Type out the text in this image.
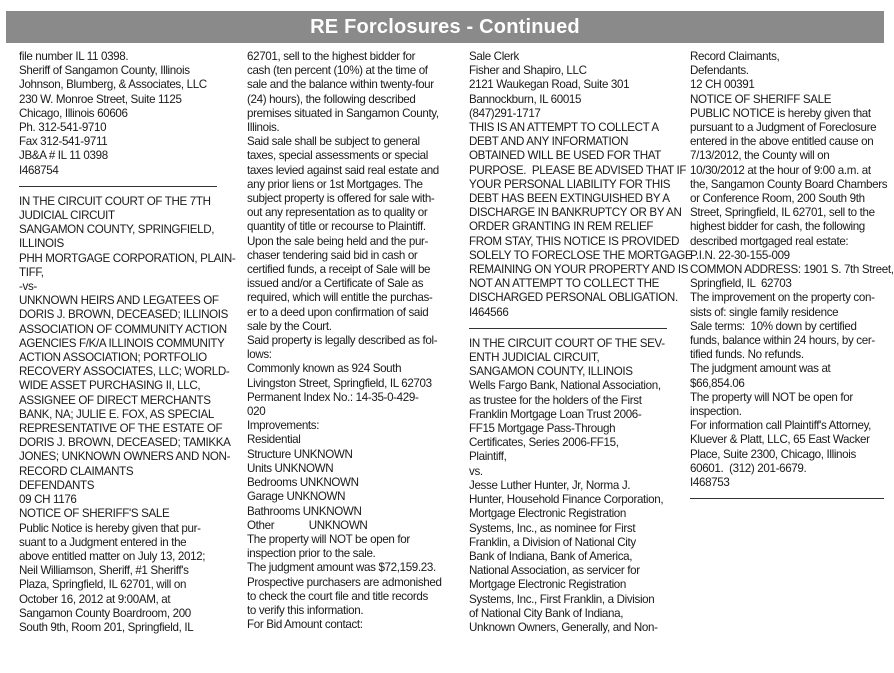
RE Forclosures - Continued

file number IL 11 0398.

Sheriff of Sangamon County, Illinois

Johnson, Blumberg, & Associates, LLC

230 W. Monroe Street, Suite 1125

Chicago, Illinois 60606

Ph. 312-541-9710

Fax 312-541-9711

JB&A # IL 11 0398

I468754

IN THE CIRCUIT COURT OF THE 7TH

JUDICIAL CIRCUIT

SANGAMON COUNTY, SPRINGFIELD,

ILLINOIS

PHH MORTGAGE CORPORATION, PLAIN-

TIFF,

-vs-

UNKNOWN HEIRS AND LEGATEES OF

DORIS J. BROWN, DECEASED; ILLINOIS

ASSOCIATION OF COMMUNITY ACTION

AGENCIES F/K/A ILLINOIS COMMUNITY

ACTION ASSOCIATION; PORTFOLIO

RECOVERY ASSOCIATES, LLC; WORLD-

WIDE ASSET PURCHASING II, LLC,

ASSIGNEE OF DIRECT MERCHANTS

BANK, NA; JULIE E. FOX, AS SPECIAL

REPRESENTATIVE OF THE ESTATE OF

DORIS J. BROWN, DECEASED; TAMIKKA

JONES; UNKNOWN OWNERS AND NON-

RECORD CLAIMANTS

DEFENDANTS

09 CH 1176

NOTICE OF SHERIFF'S SALE

Public Notice is hereby given that pur-

suant to a Judgment entered in the

above entitled matter on July 13, 2012;

Neil Williamson, Sheriff, #1 Sheriff's

Plaza, Springfield, IL 62701, will on

October 16, 2012 at 9:00AM, at

Sangamon County Boardroom, 200

South 9th, Room 201, Springfield, IL

62701, sell to the highest bidder for

cash (ten percent (10%) at the time of

sale and the balance within twenty-four

(24) hours), the following described

premises situated in Sangamon County,

Illinois.

Said sale shall be subject to general

taxes, special assessments or special

taxes levied against said real estate and

any prior liens or 1st Mortgages. The

subject property is offered for sale with-

out any representation as to quality or

quantity of title or recourse to Plaintiff.

Upon the sale being held and the pur-

chaser tendering said bid in cash or

certified funds, a receipt of Sale will be

issued and/or a Certificate of Sale as

required, which will entitle the purchas-

er to a deed upon confirmation of said

sale by the Court.

Said property is legally described as fol-

lows:

Commonly known as 924 South

Livingston Street, Springfield, IL 62703

Permanent Index No.: 14-35-0-429-

020

Improvements:

Residential

Structure UNKNOWN

Units UNKNOWN

Bedrooms UNKNOWN

Garage UNKNOWN

Bathrooms UNKNOWN

Other            UNKNOWN

The property will NOT be open for

inspection prior to the sale.

The judgment amount was $72,159.23.

Prospective purchasers are admonished

to check the court file and title records

to verify this information.

For Bid Amount contact:

Sale Clerk

Fisher and Shapiro, LLC

2121 Waukegan Road, Suite 301

Bannockburn, IL 60015

(847)291-1717

THIS IS AN ATTEMPT TO COLLECT A

DEBT AND ANY INFORMATION

OBTAINED WILL BE USED FOR THAT

PURPOSE.  PLEASE BE ADVISED THAT IF

YOUR PERSONAL LIABILITY FOR THIS

DEBT HAS BEEN EXTINGUISHED BY A

DISCHARGE IN BANKRUPTCY OR BY AN

ORDER GRANTING IN REM RELIEF

FROM STAY, THIS NOTICE IS PROVIDED

SOLELY TO FORECLOSE THE MORTGAGE

REMAINING ON YOUR PROPERTY AND IS

NOT AN ATTEMPT TO COLLECT THE

DISCHARGED PERSONAL OBLIGATION.

I464566

IN THE CIRCUIT COURT OF THE SEV-

ENTH JUDICIAL CIRCUIT,

SANGAMON COUNTY, ILLINOIS

Wells Fargo Bank, National Association,

as trustee for the holders of the First

Franklin Mortgage Loan Trust 2006-

FF15 Mortgage Pass-Through

Certificates, Series 2006-FF15,

Plaintiff,

vs.

Jesse Luther Hunter, Jr, Norma J.

Hunter, Household Finance Corporation,

Mortgage Electronic Registration

Systems, Inc., as nominee for First

Franklin, a Division of National City

Bank of Indiana, Bank of America,

National Association, as servicer for

Mortgage Electronic Registration

Systems, Inc., First Franklin, a Division

of National City Bank of Indiana,

Unknown Owners, Generally, and Non-

Record Claimants,

Defendants.

12 CH 00391

NOTICE OF SHERIFF SALE

PUBLIC NOTICE is hereby given that

pursuant to a Judgment of Foreclosure

entered in the above entitled cause on

7/13/2012, the County will on

10/30/2012 at the hour of 9:00 a.m. at

the, Sangamon County Board Chambers

or Conference Room, 200 South 9th

Street, Springfield, IL 62701, sell to the

highest bidder for cash, the following

described mortgaged real estate:

P.I.N. 22-30-155-009

COMMON ADDRESS: 1901 S. 7th Street,

Springfield, IL  62703

The improvement on the property con-

sists of: single family residence

Sale terms:  10% down by certified

funds, balance within 24 hours, by cer-

tified funds. No refunds.

The judgment amount was at

$66,854.06

The property will NOT be open for

inspection.

For information call Plaintiff's Attorney,

Kluever & Platt, LLC, 65 East Wacker

Place, Suite 2300, Chicago, Illinois

60601.  (312) 201-6679.

I468753
